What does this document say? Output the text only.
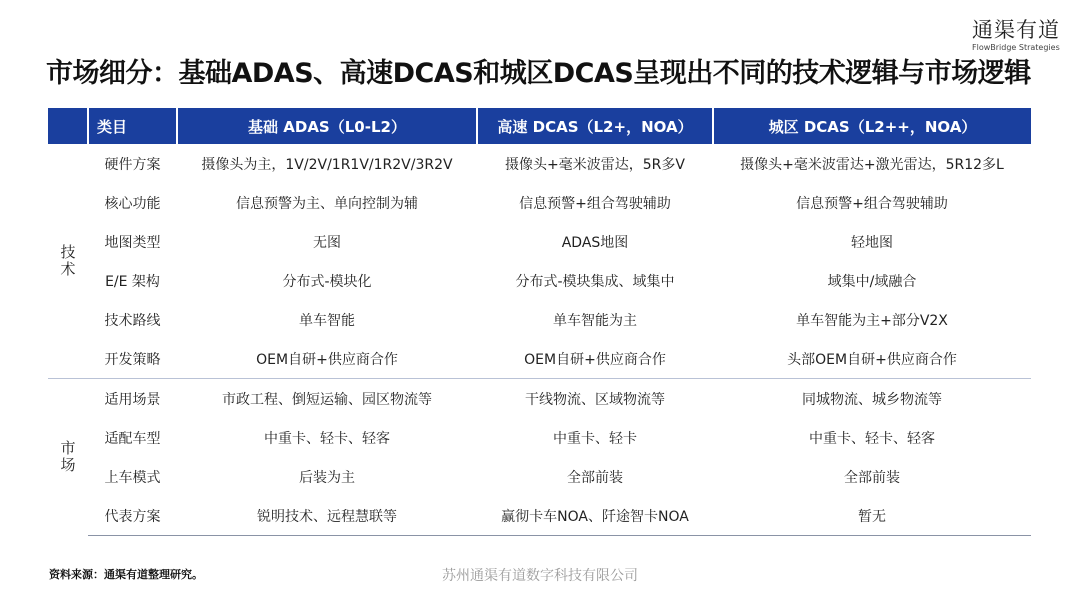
通渠有道
FlowBridge Strategies
市场细分：基础ADAS、高速DCAS和城区DCAS呈现出不同的技术逻辑与市场逻辑
	类目	基础 ADAS（L0-L2）	高速 DCAS（L2+，NOA）	城区 DCAS（L2++，NOA）
技术	硬件方案	摄像头为主，1V/2V/1R1V/1R2V/3R2V	摄像头+毫米波雷达，5R多V	摄像头+毫米波雷达+激光雷达，5R12多L
	核心功能	信息预警为主、单向控制为辅	信息预警+组合驾驶辅助	信息预警+组合驾驶辅助
	地图类型	无图	ADAS地图	轻地图
	E/E 架构	分布式-模块化	分布式-模块集成、域集中	域集中/域融合
	技术路线	单车智能	单车智能为主	单车智能为主+部分V2X
	开发策略	OEM自研+供应商合作	OEM自研+供应商合作	头部OEM自研+供应商合作
市场	适用场景	市政工程、倒短运输、园区物流等	干线物流、区域物流等	同城物流、城乡物流等
	适配车型	中重卡、轻卡、轻客	中重卡、轻卡	中重卡、轻卡、轻客
	上车模式	后装为主	全部前装	全部前装
	代表方案	锐明技术、远程慧联等	赢彻卡车NOA、阡途智卡NOA	暂无
资料来源：通渠有道整理研究。	苏州通渠有道数字科技有限公司
